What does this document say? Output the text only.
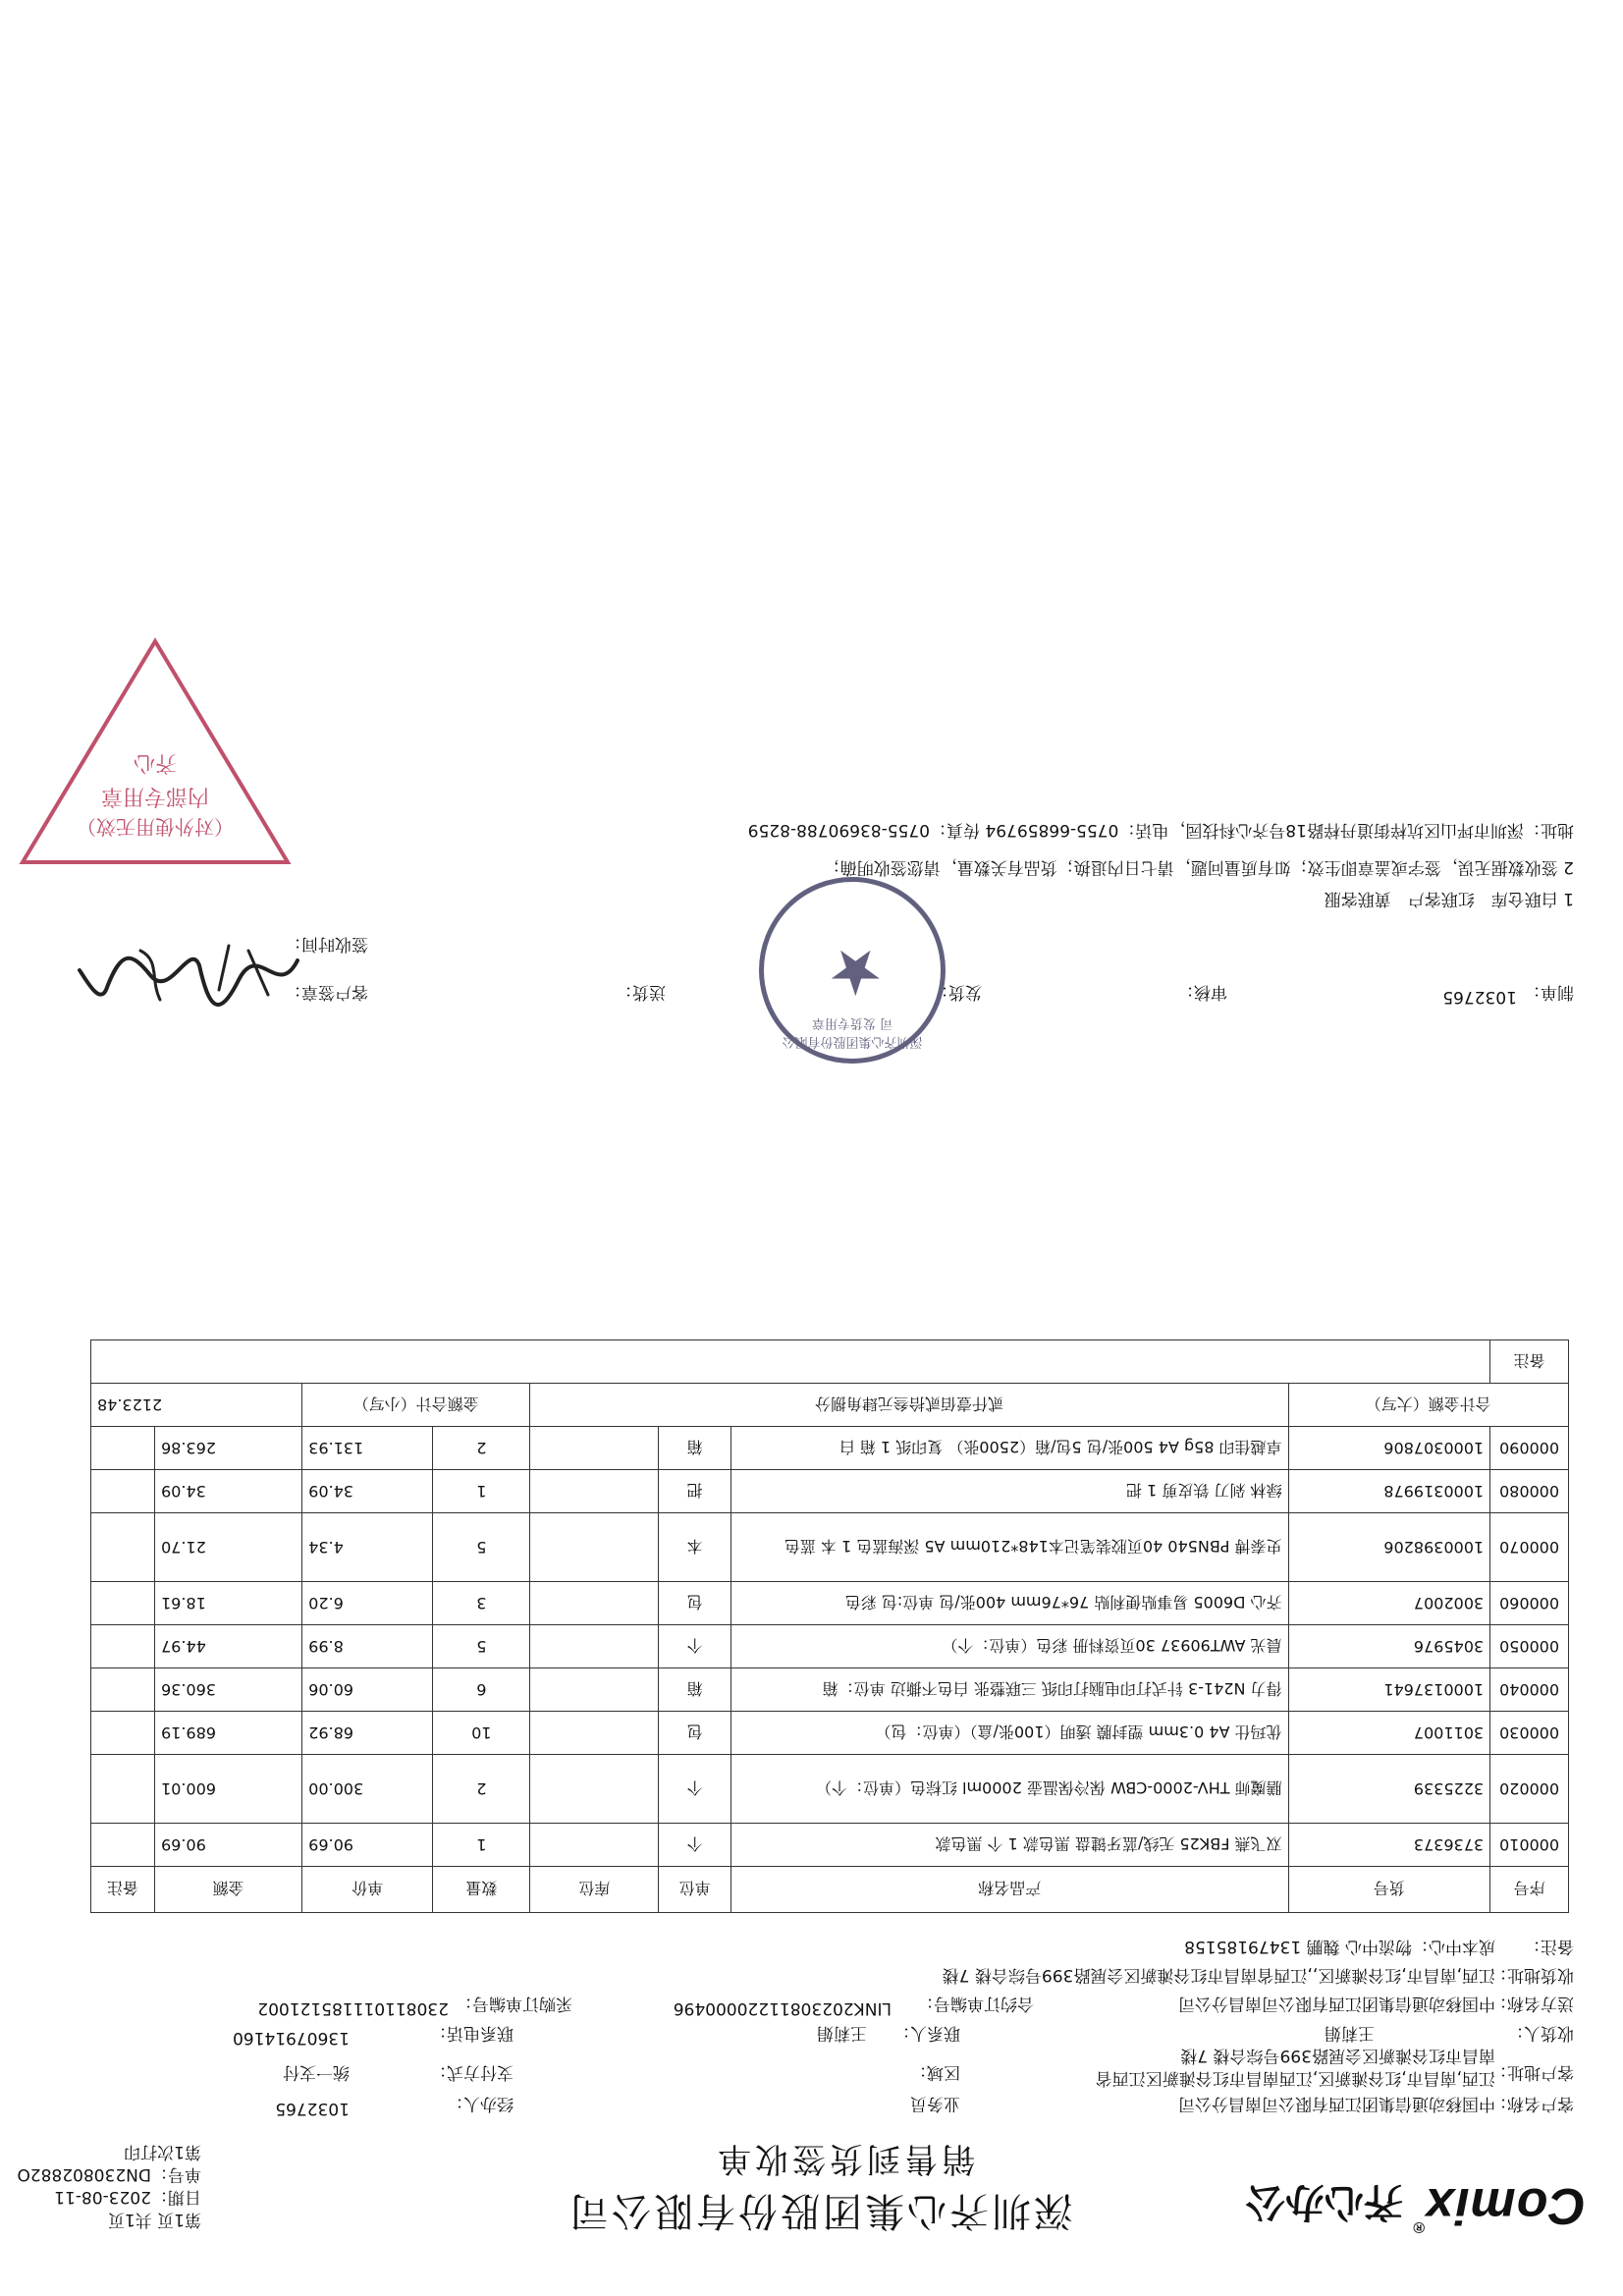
Comix® 齐心办公
深圳齐心集团股份有限公司
销售到货签收单
第1页 共1页
日期：2023-08-11
单号：DN230802882O
第1次打印
客户名称：
中国移动通信集团江西有限公司南昌分公司
业务员
经办人：
1032765
客户地址：
江西,南昌市,红谷滩新区,江西南昌市红谷滩新区江西省
南昌市红谷滩新区会展路399号综合楼 7楼
区域：
支付方式：
统一支付
收货人：
王莉娟
联系人：
王莉娟
联系电话：
13607914160
送方名称：
中国移动通信集团江西有限公司南昌分公司
合约订单编号：
LINK20230811220000496
采购订单编号：
230811011185121002
收货地址：
江西,南昌市,红谷滩新区,,江西省南昌市红谷滩新区会展路399号综合楼 7楼
备注：
成本中心：物流中心 魏鹏 13479185158
序号	货号	产品名称	单位	库位	数量	单价	金额	备注
000010	3736373	双飞燕 FBK25 无线/蓝牙键盘 黑色款 1 个 黑色款	个		1	90.69	90.69	
000020	3225339	膳魔师 THV-2000-CBW 保冷保温壶 2000ml 红棕色（单位：个）	个		2	300.00	600.01	
000030	3011007	优玛仕 A4 0.3mm 塑封膜 透明（100张/盒）（单位：包）	包		10	68.92	689.19	
000040	1000137641	得力 N241-3 针式打印电脑打印纸 三联整张 白色不撕边 单位：箱	箱		6	60.06	360.36	
000050	3045976	晨光 AWT90937 30页资料册 彩色（单位：个）	个		5	8.99	44.97	
000060	3002007	齐心 D6005 易事贴便利贴 76*76mm 400张/包 单位:包 彩色	包		3	6.20	18.61	
000070	1000398206	史泰博 PBN540 40页胶装笔记本148*210mm A5 深海蓝色 1 本 蓝色	本		5	4.34	21.70	
000080	1000319978	绿林 剁刀 铁皮剪 1 把	把		1	34.09	34.09	
000090	1000307806	卓越佳印 85g A4 500张/包 5包/箱（2500张） 复印纸 1 箱 白	箱		2	131.93	263.86	
合计金额（大写）		贰仟壹佰贰拾叁元肆角捌分			金额合计（小写）		2123.48	
备注								
制单：
1032765
审核：
发货：
送货：
客户签章：
签收时间：
1 白联仓库　红联客户　黄联客服
2 签收数据无误，签字或盖章即生效；如有质量问题，请七日内退换；货品有关数量，请您签收明确；
地址：深圳市坪山区坑梓街道丹梓路18号齐心科技园，电话：0755-66859794 传真：0755-83690788-8259
★
深圳齐心集团股份有限公司 发货专用章
（对外使用无效）
内部专用章
齐心
